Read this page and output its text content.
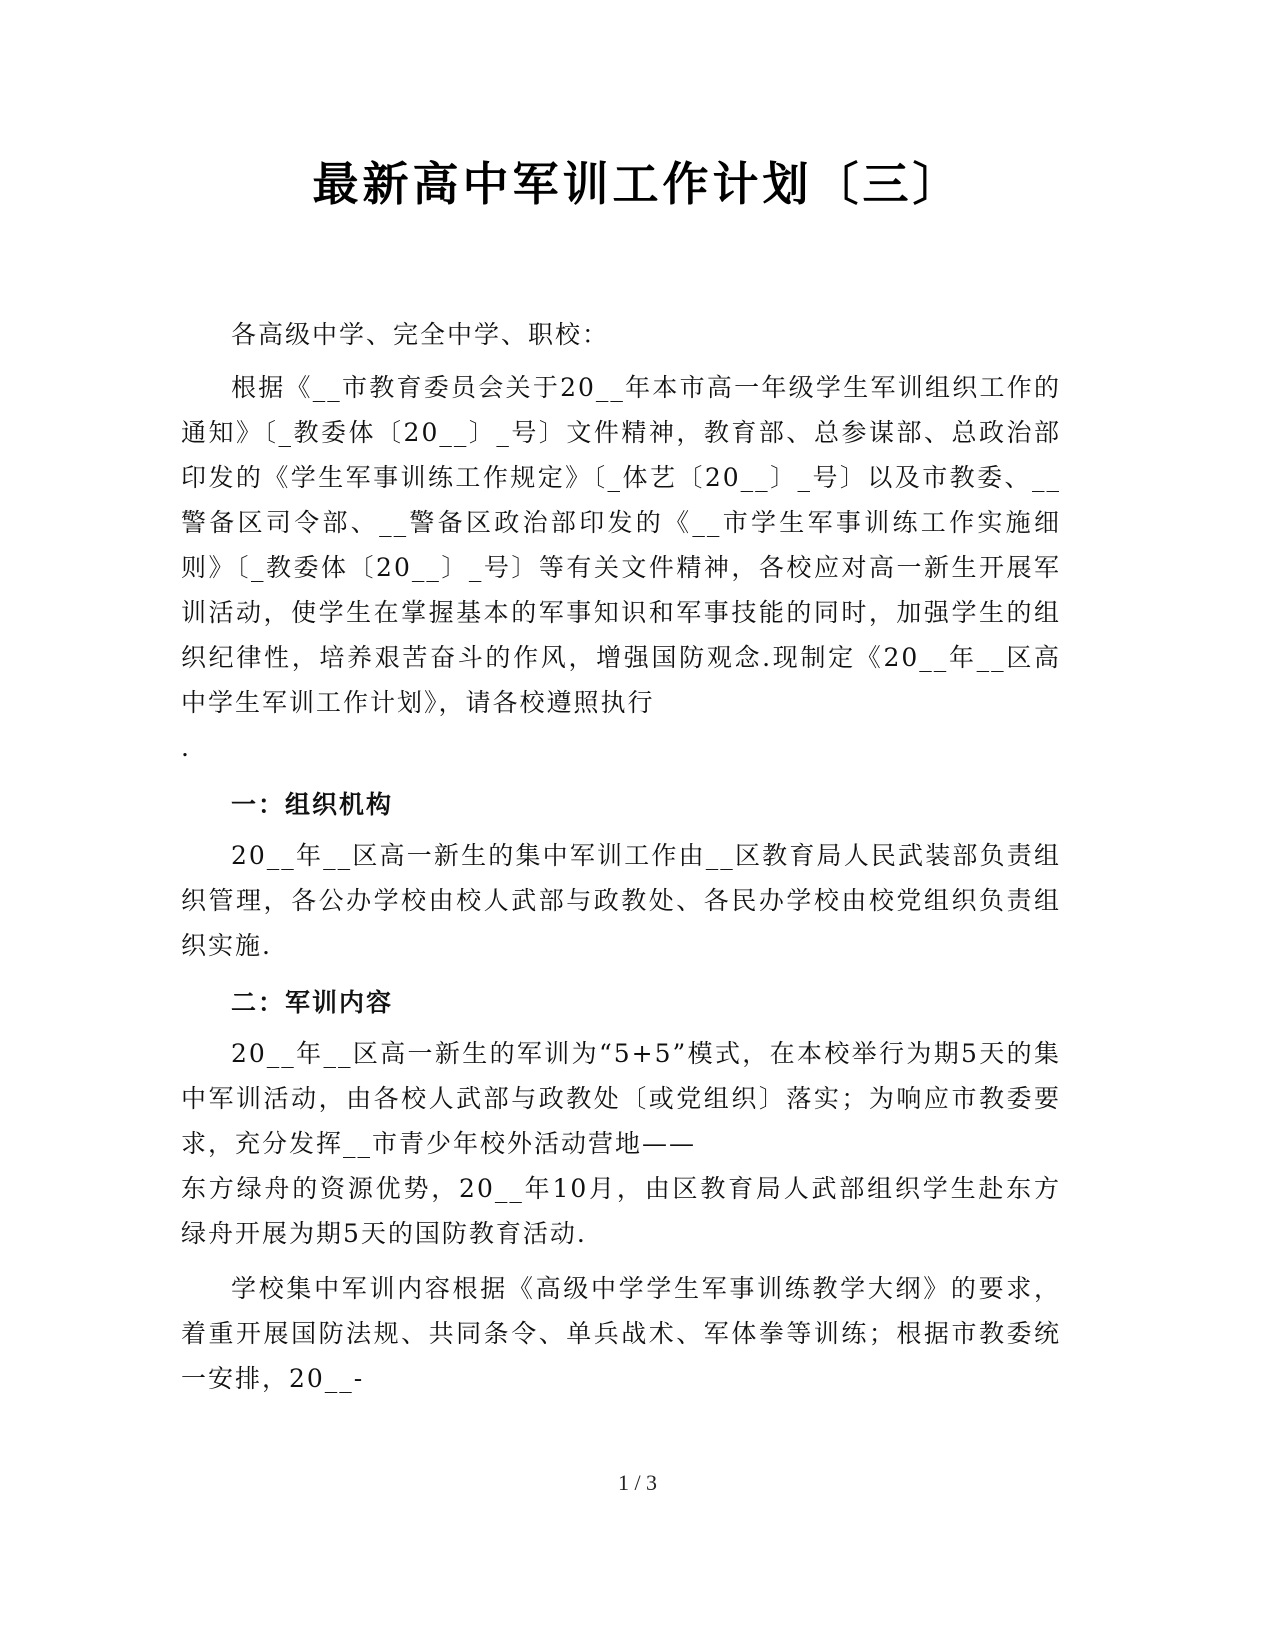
最新高中军训工作计划〔三〕

各高级中学、完全中学、职校：

根据《__市教育委员会关于20__年本市高一年级学生军训组织工作的通知》〔_教委体〔20__〕_号〕文件精神，教育部、总参谋部、总政治部印发的《学生军事训练工作规定》〔_体艺〔20__〕_号〕以及市教委、__警备区司令部、__警备区政治部印发的《__市学生军事训练工作实施细则》〔_教委体〔20__〕_号〕等有关文件精神，各校应对高一新生开展军训活动，使学生在掌握基本的军事知识和军事技能的同时，加强学生的组织纪律性，培养艰苦奋斗的作风，增强国防观念.现制定《20__年__区高中学生军训工作计划》，请各校遵照执行

.

一：组织机构

20__年__区高一新生的集中军训工作由__区教育局人民武装部负责组织管理，各公办学校由校人武部与政教处、各民办学校由校党组织负责组织实施.

二：军训内容

20__年__区高一新生的军训为“5+5”模式，在本校举行为期5天的集中军训活动，由各校人武部与政教处〔或党组织〕落实；为响应市教委要求，充分发挥__市青少年校外活动营地——

东方绿舟的资源优势，20__年10月，由区教育局人武部组织学生赴东方绿舟开展为期5天的国防教育活动.

学校集中军训内容根据《高级中学学生军事训练教学大纲》的要求，着重开展国防法规、共同条令、单兵战术、军体拳等训练；根据市教委统一安排，20__-

1 / 3
